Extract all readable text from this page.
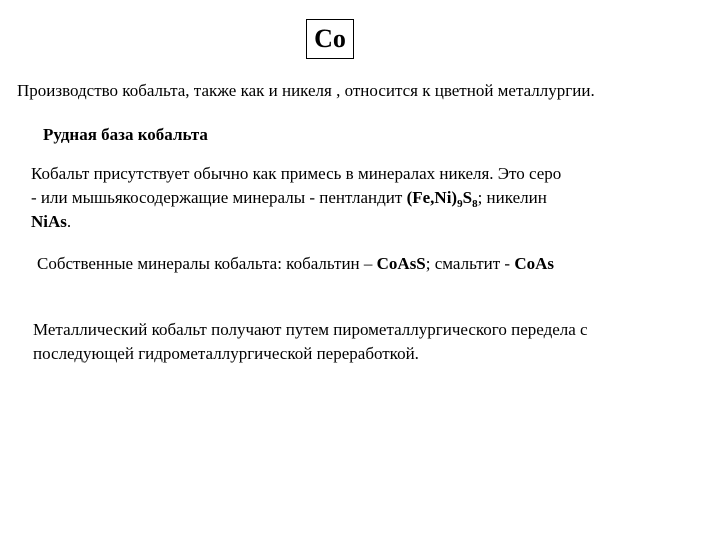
Co
Производство кобальта, также как и никеля , относится к цветной металлургии.
Рудная база кобальта
Кобальт присутствует обычно как примесь в минералах никеля. Это серо
- или мышьякосодержащие минералы - пентландит $(Fe,Ni)_9S_8$; никелин
NiAs.
Собственные минералы кобальта: кобальтин – CoAsS; смальтит - CoAs
Металлический кобальт получают путем пирометаллургического передела с
последующей гидрометаллургической переработкой.
